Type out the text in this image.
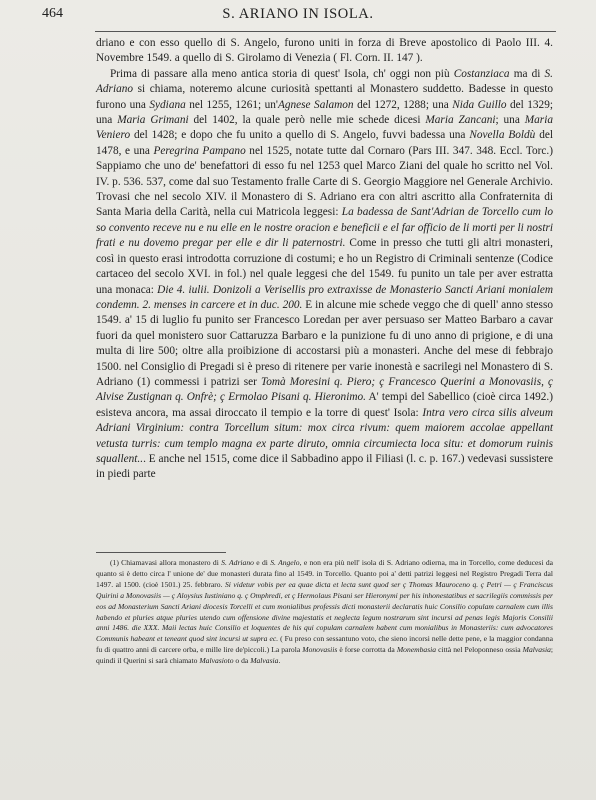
464	S. ARIANO IN ISOLA.

driano e con esso quello di S. Angelo, furono uniti in forza di Breve apostolico di Paolo III. 4. Novembre 1549. a quello di S. Girolamo di Venezia ( Fl. Corn. II. 147 ).

Prima di passare alla meno antica storia di quest' Isola, ch' oggi non più Costanziaca ma di S. Adriano si chiama, noteremo alcune curiosità spettanti al Monastero suddetto. Badesse in questo furono una Sydiana nel 1255, 1261; un'Agnese Salamon del 1272, 1288; una Nida Guillo del 1329; una Maria Grimani del 1402, la quale però nelle mie schede dicesi Maria Zancani; una Maria Veniero del 1428; e dopo che fu unito a quello di S. Angelo, fuvvi badessa una Novella Boldù del 1478, e una Peregrina Pampano nel 1525, notate tutte dal Cornaro (Pars III. 347. 348. Eccl. Torc.) Sappiamo che uno de' benefattori di esso fu nel 1253 quel Marco Ziani del quale ho scritto nel Vol. IV. p. 536. 537, come dal suo Testamento fralle Carte di S. Georgio Maggiore nel Generale Archivio. Trovasi che nel secolo XIV. il Monastero di S. Adriano era con altri ascritto alla Confraternita di Santa Maria della Carità, nella cui Matricola leggesi: La badessa de Sant'Adrian de Torcello cum lo so convento receve nu e nu elle en le nostre oracion e beneficii e el far officio de li morti per li nostri frati e nu dovemo pregar per elle e dir li paternostri. Come in presso che tutti gli altri monasteri, così in questo erasi introdotta corruzione di costumi; e ho un Registro di Criminali sentenze (Codice cartaceo del secolo XVI. in fol.) nel quale leggesi che del 1549. fu punito un tale per aver estratta una monaca: Die 4. iulii. Donizoli a Verisellis pro extraxisse de Monasterio Sancti Ariani monialem condemn. 2. menses in carcere et in duc. 200. E in alcune mie schede veggo che di quell' anno stesso 1549. a' 15 di luglio fu punito ser Francesco Loredan per aver persuaso ser Matteo Barbaro a cavar fuori da quel monistero suor Cattaruzza Barbaro e la punizione fu di uno anno di prigione, e di una multa di lire 500; oltre alla proibizione di accostarsi più a monasteri. Anche del mese di febbrajo 1500. nel Consiglio di Pregadi si è preso di ritenere per varie inonestà e sacrilegi nel Monastero di S. Adriano (1) commessi i patrizi ser Tomà Moresini q. Piero; ç Francesco Querini a Monovasiis, ç Alvise Zustignan q. Onfrè; ç Ermolao Pisani q. Hieronimo. A' tempi del Sabellico (cioè circa 1492.) esisteva ancora, ma assai diroccato il tempio e la torre di quest' Isola: Intra vero circa silis alveum Adriani Virginium: contra Torcellum situm: mox circa rivum: quem maiorem accolae appellant vetusta turris: cum templo magna ex parte diruto, omnia circumiecta loca situ: et domorum ruinis squallent... E anche nel 1515, come dice il Sabbadino appo il Filiasi (l. c. p. 167.) vedevasi sussistere in piedi parte

(1) Chiamavasi allora monastero di S. Adriano e di S. Angelo, e non era più nell' isola di S. Adriano odierna, ma in Torcello, come deducesi da quanto si è detto circa l' unione de' due monasteri durata fino al 1549. in Torcello. Quanto poi a' detti patrizi leggesi nel Registro Pregadi Terra dal 1497. al 1500. (cioè 1501.) 25. febbraro. Si videtur vobis per ea quae dicta et lecta sunt quod ser ç Thomas Mauroceno q. ç Petri — ç Franciscus Quirini a Monovasiis — ç Aloysius Iustiniano q. ç Omphredi, et ç Hermolaus Pisani ser Hieronymi per his inhonestatibus et sacrilegiis commissis per eos ad Monasterium Sancti Ariani diocesis Torcelli et cum monialibus professis dicti monasterii declaratis huic Consilio copulam carnalem cum illis habendo et pluries atque pluries utendo cum offensione divine majestatis et neglecta legum nostrarum sint incursi ad penas legis Majoris Consilii anni 1486. die XXX. Maii lectas huic Consilio et loquentes de his qui copulam carnalem habent cum monialibus in Monasteriis: cum advocatores Communis habeant et teneant quod sint incursi ut supra ec. ( Fu preso con sessantuno voto, che sieno incorsi nelle dette pene, e la maggior condanna fu di quattro anni di carcere orba, e mille lire de'piccoli.) La parola Monovasiis è forse corrotta da Monembasia città nel Peloponneso ossia Malvasia; quindi il Querini si sarà chiamato Malvasioto o da Malvasia.
